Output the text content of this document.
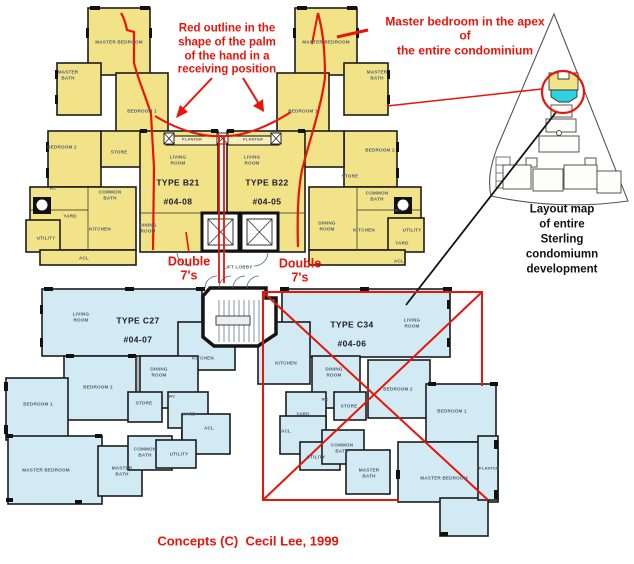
MASTER BEDROOM
MASTER
BATH
BEDROOM 1
BEDROOM 2
STORE
LIVING
ROOM
COMMON
BATH
YARD
KITCHEN
DINING
ROOM
UTILITY
WC
ACL
MASTER BEDROOM
MASTER
BATH
BEDROOM 1
BEDROOM 2
STORE
LIVING
ROOM
COMMON
BATH
YARD
KITCHEN
DINING
ROOM	UTILITY
WC
ACL
PLANTER	PLANTER
LIFT LOBBY

TYPE B21

#04-08

TYPE B22

#04-05

TYPE C27

#04-07

TYPE C34

#04-06

LIVING
ROOM
BEDROOM 2
DINING
ROOM
KITCHEN
STORE
WC
BEDROOM 1
YARD
ACL
COMMON
BATH	UTILITY
MASTER
BATH
MASTER BEDROOM
LIVING
ROOM
KITCHEN
DINING
ROOM
BEDROOM 2
STORE
WC
YARD
ACL
UTILITY
COMMON
BATH
MASTER
BATH
BEDROOM 1
MASTER BEDROOM
PLANTER
Red outline in the
shape of the palm
of the hand in a
receiving position
Master bedroom in the apex of
the entire condominium
Double
7's
Double
7's
Concepts (C)  Cecil Lee, 1999
Layout map
of entire
Sterling
condomiumn
development
